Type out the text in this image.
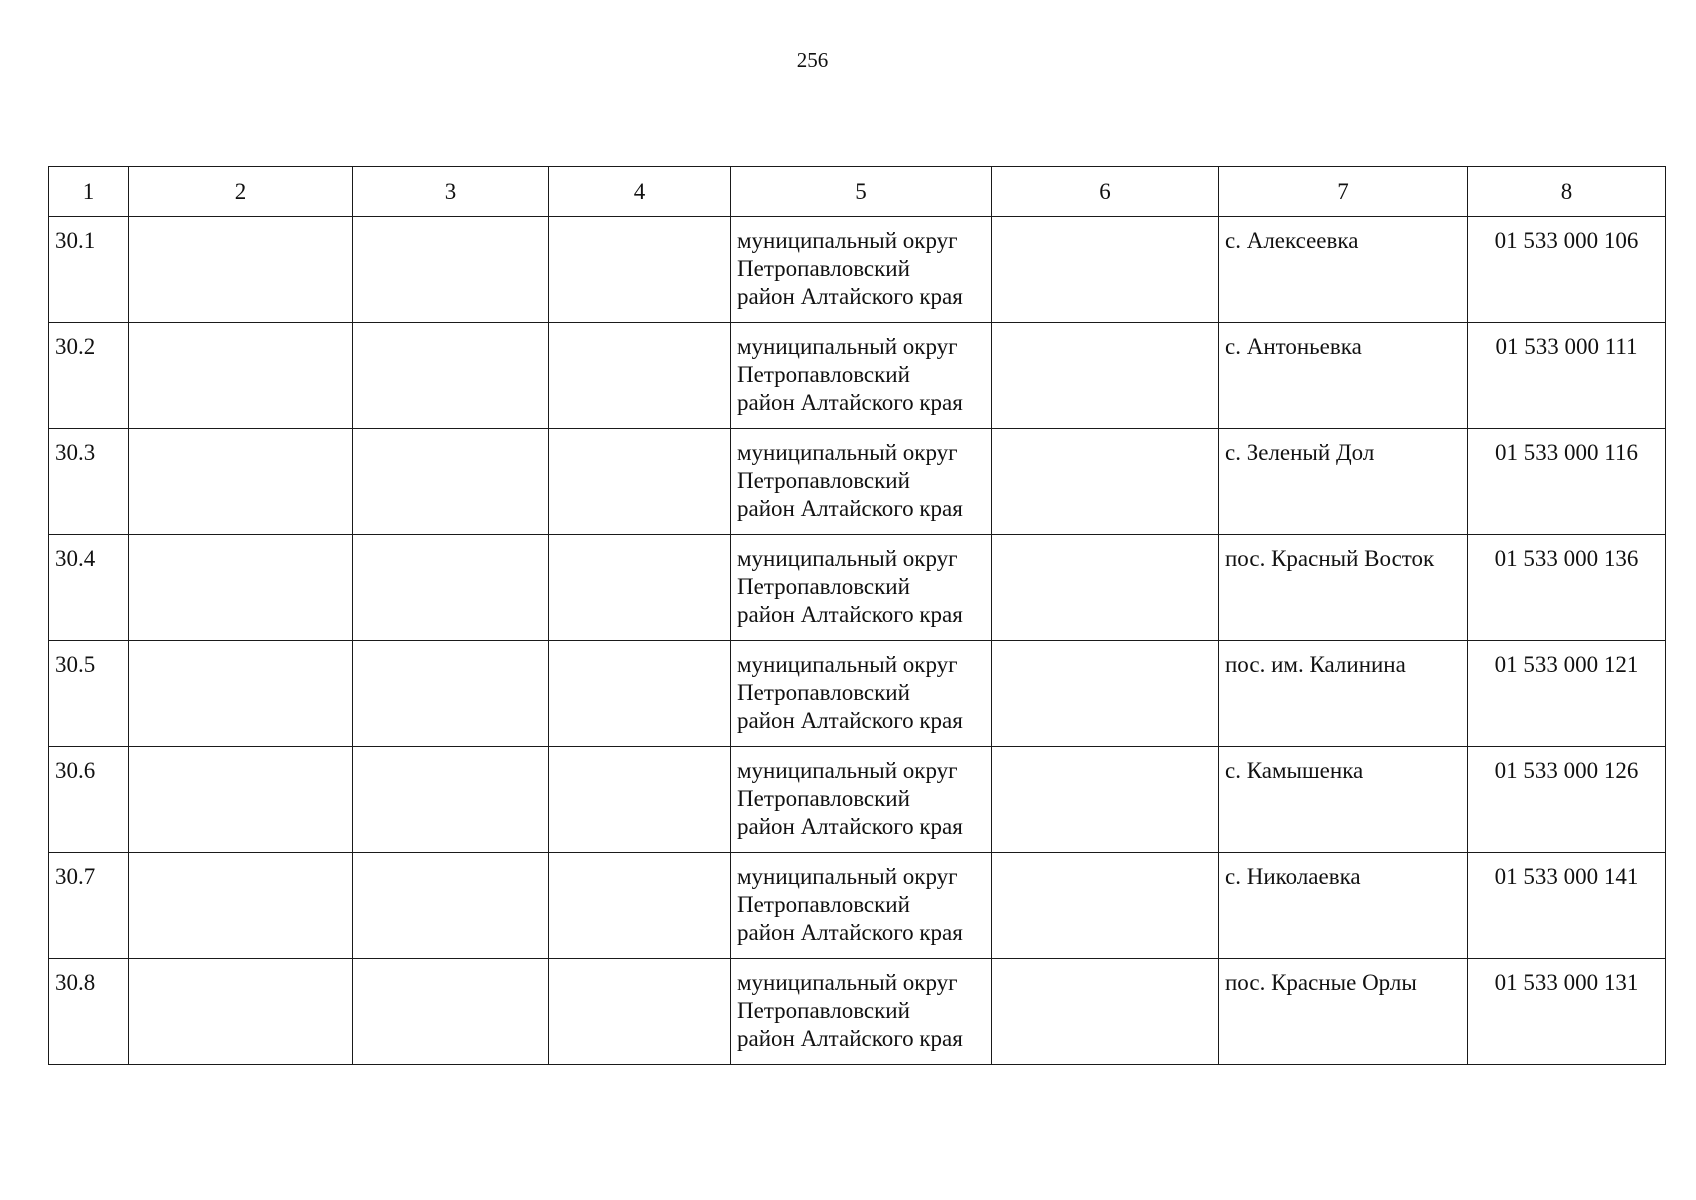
256
1	2	3	4	5	6	7	8
30.1				муниципальный округ
Петропавловский
район Алтайского края		с. Алексеевка	01 533 000 106
30.2				муниципальный округ
Петропавловский
район Алтайского края		с. Антоньевка	01 533 000 111
30.3				муниципальный округ
Петропавловский
район Алтайского края		с. Зеленый Дол	01 533 000 116
30.4				муниципальный округ
Петропавловский
район Алтайского края		пос. Красный Восток	01 533 000 136
30.5				муниципальный округ
Петропавловский
район Алтайского края		пос. им. Калинина	01 533 000 121
30.6				муниципальный округ
Петропавловский
район Алтайского края		с. Камышенка	01 533 000 126
30.7				муниципальный округ
Петропавловский
район Алтайского края		с. Николаевка	01 533 000 141
30.8				муниципальный округ
Петропавловский
район Алтайского края		пос. Красные Орлы	01 533 000 131
